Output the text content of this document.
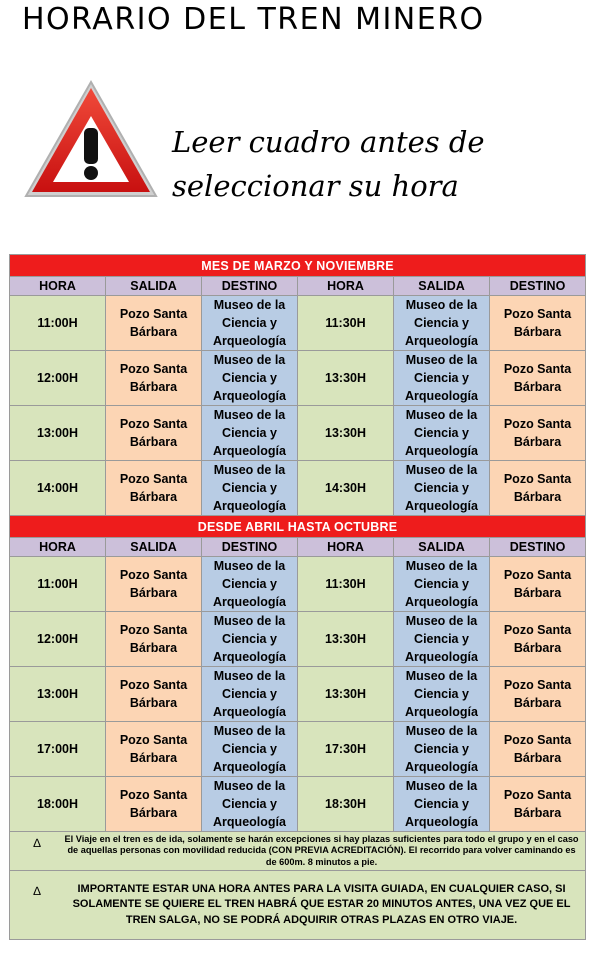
HORARIO DEL TREN MINERO
Leer cuadro antes de
seleccionar su hora
MES DE MARZO Y NOVIEMBRE					
HORA	SALIDA	DESTINO	HORA	SALIDA	DESTINO
11:00H	Pozo Santa Bárbara	Museo de la Ciencia y Arqueología	11:30H	Museo de la Ciencia y Arqueología	Pozo Santa Bárbara
12:00H	Pozo Santa Bárbara	Museo de la Ciencia y Arqueología	13:30H	Museo de la Ciencia y Arqueología	Pozo Santa Bárbara
13:00H	Pozo Santa Bárbara	Museo de la Ciencia y Arqueología	13:30H	Museo de la Ciencia y Arqueología	Pozo Santa Bárbara
14:00H	Pozo Santa Bárbara	Museo de la Ciencia y Arqueología	14:30H	Museo de la Ciencia y Arqueología	Pozo Santa Bárbara
DESDE ABRIL HASTA OCTUBRE					
HORA	SALIDA	DESTINO	HORA	SALIDA	DESTINO
11:00H	Pozo Santa Bárbara	Museo de la Ciencia y Arqueología	11:30H	Museo de la Ciencia y Arqueología	Pozo Santa Bárbara
12:00H	Pozo Santa Bárbara	Museo de la Ciencia y Arqueología	13:30H	Museo de la Ciencia y Arqueología	Pozo Santa Bárbara
13:00H	Pozo Santa Bárbara	Museo de la Ciencia y Arqueología	13:30H	Museo de la Ciencia y Arqueología	Pozo Santa Bárbara
17:00H	Pozo Santa Bárbara	Museo de la Ciencia y Arqueología	17:30H	Museo de la Ciencia y Arqueología	Pozo Santa Bárbara
18:00H	Pozo Santa Bárbara	Museo de la Ciencia y Arqueología	18:30H	Museo de la Ciencia y Arqueología	Pozo Santa Bárbara

∆ El Viaje en el tren es de ida, solamente se harán excepciones si hay plazas suficientes para todo el grupo y en el caso de aquellas personas con movilidad reducida (CON PREVIA ACREDITACIÓN). El recorrido para volver caminando es de 600m. 8 minutos a pie.					

∆ IMPORTANTE ESTAR UNA HORA ANTES PARA LA VISITA GUIADA, EN CUALQUIER CASO, SI SOLAMENTE SE QUIERE EL TREN HABRÁ QUE ESTAR 20 MINUTOS ANTES, UNA VEZ QUE EL TREN SALGA, NO SE PODRÁ ADQUIRIR OTRAS PLAZAS EN OTRO VIAJE.					
